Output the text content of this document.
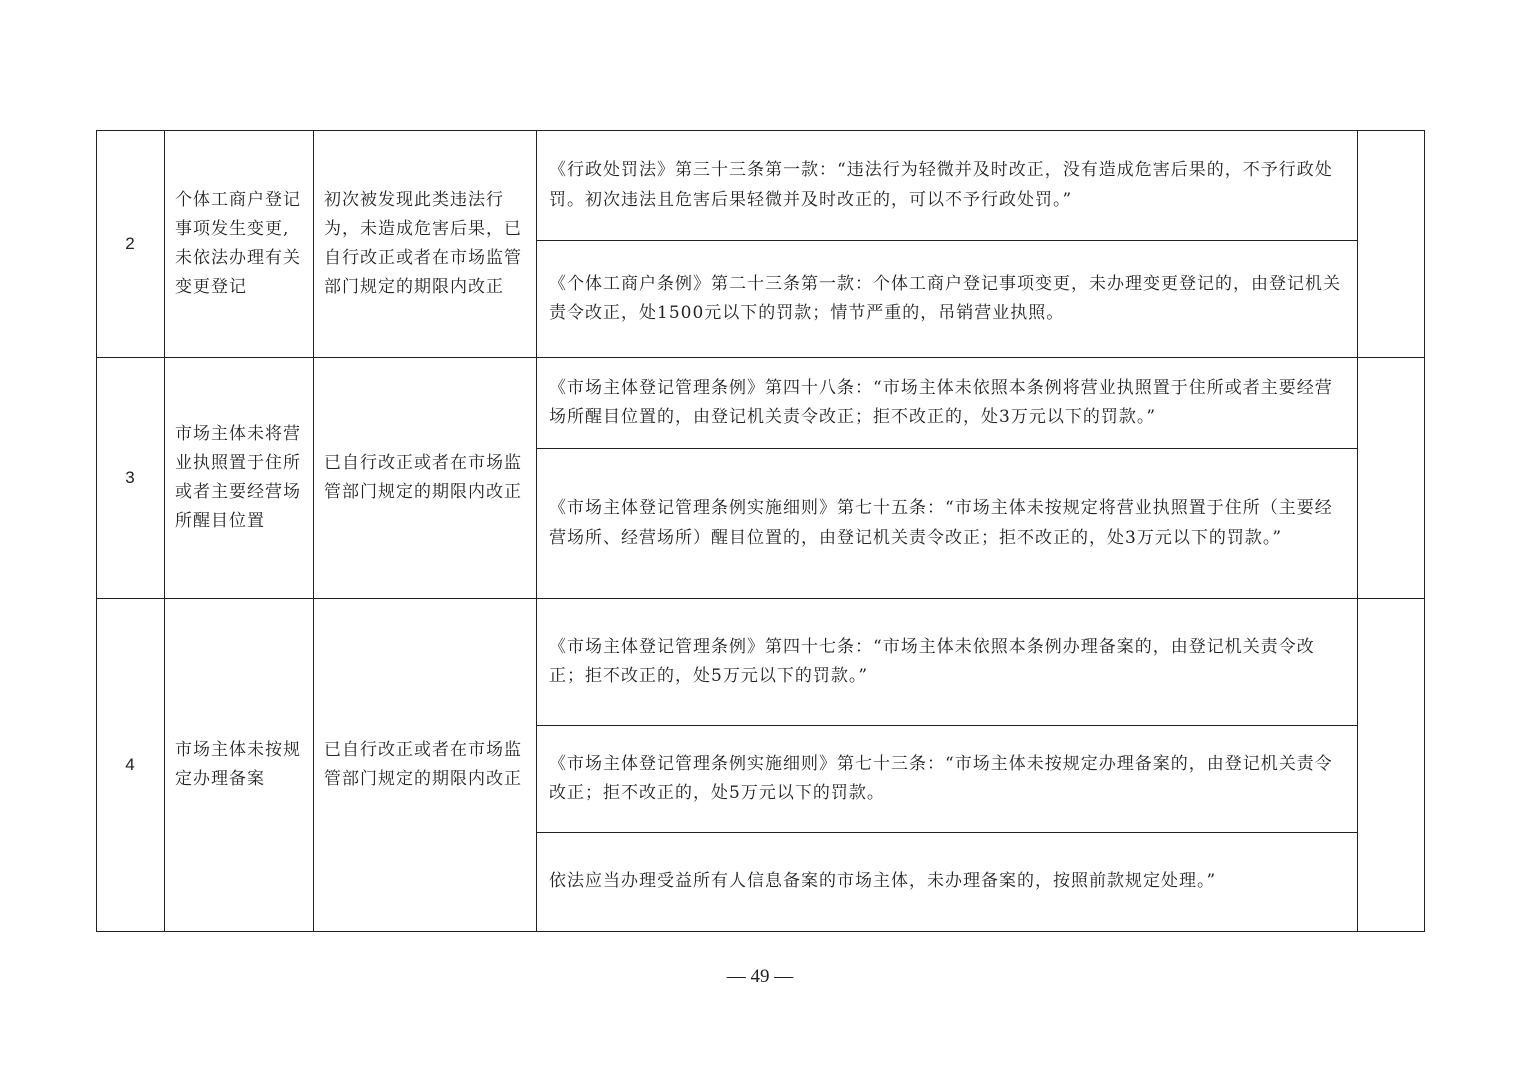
2	个体工商户登记事项发生变更,未依法办理有关变更登记	初次被发现此类违法行为，未造成危害后果，已自行改正或者在市场监管部门规定的期限内改正	《行政处罚法》第三十三条第一款：“违法行为轻微并及时改正，没有造成危害后果的，不予行政处罚。初次违法且危害后果轻微并及时改正的，可以不予行政处罚。”	
			《个体工商户条例》第二十三条第一款：个体工商户登记事项变更，未办理变更登记的，由登记机关责令改正，处1500元以下的罚款；情节严重的，吊销营业执照。	
3	市场主体未将营业执照置于住所或者主要经营场所醒目位置	已自行改正或者在市场监管部门规定的期限内改正	《市场主体登记管理条例》第四十八条：“市场主体未依照本条例将营业执照置于住所或者主要经营场所醒目位置的，由登记机关责令改正；拒不改正的，处3万元以下的罚款。”	
			《市场主体登记管理条例实施细则》第七十五条：“市场主体未按规定将营业执照置于住所（主要经营场所、经营场所）醒目位置的，由登记机关责令改正；拒不改正的，处3万元以下的罚款。”	
4	市场主体未按规定办理备案	已自行改正或者在市场监管部门规定的期限内改正	《市场主体登记管理条例》第四十七条：“市场主体未依照本条例办理备案的，由登记机关责令改正；拒不改正的，处5万元以下的罚款。”	
			《市场主体登记管理条例实施细则》第七十三条：“市场主体未按规定办理备案的，由登记机关责令改正；拒不改正的，处5万元以下的罚款。	
			依法应当办理受益所有人信息备案的市场主体，未办理备案的，按照前款规定处理。”	
— 49 —
